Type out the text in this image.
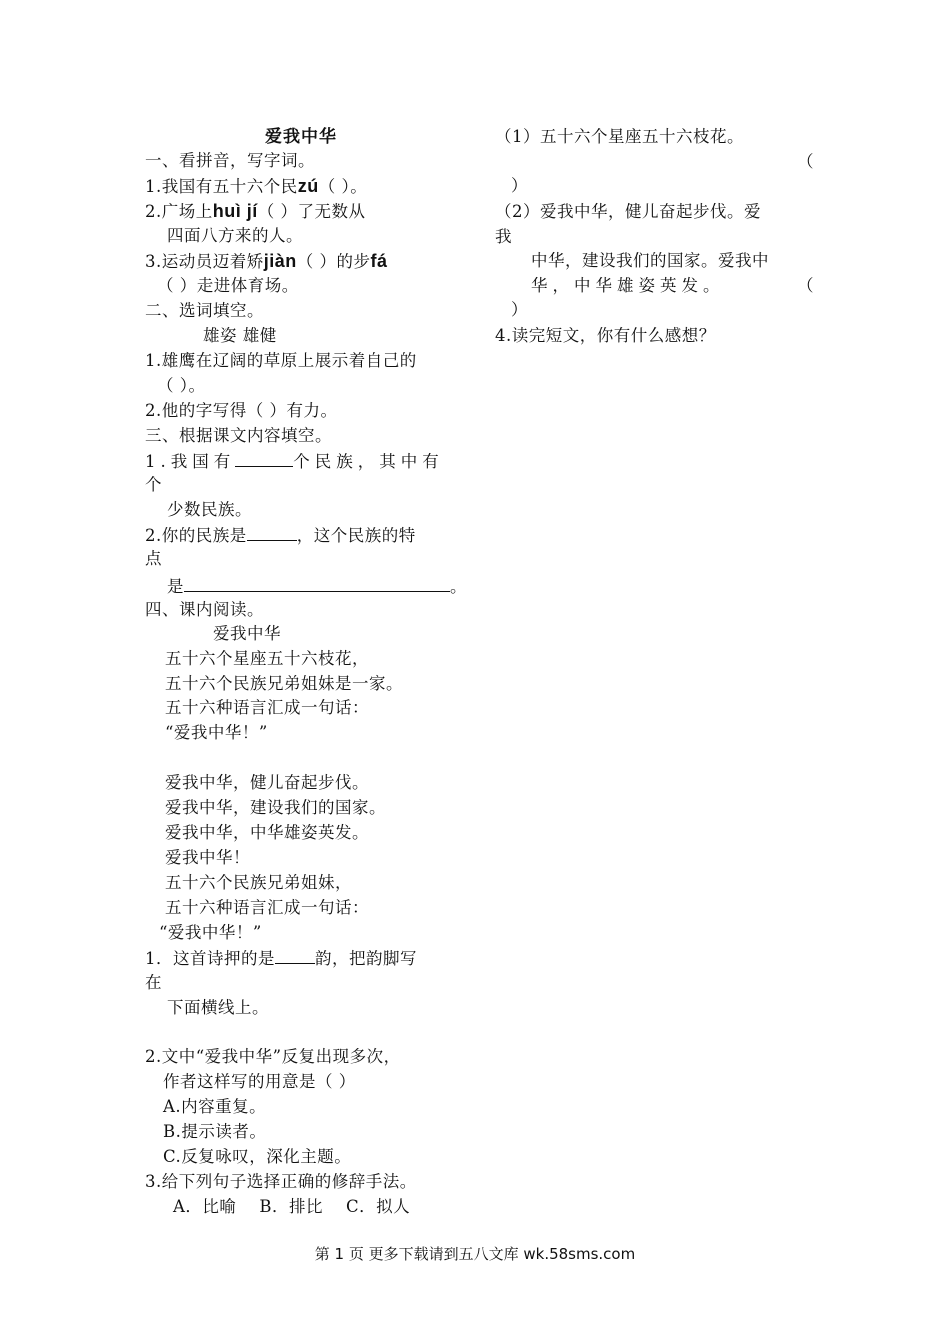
爱我中华
一、看拼音，写字词。
1.我国有五十六个民zú（ ）。
2.广场上huì jí（ ）了无数从
四面八方来的人。
3.运动员迈着矫jiàn（ ）的步fá
（ ）走进体育场。
二、选词填空。
雄姿 雄健
1.雄鹰在辽阔的草原上展示着自己的
（ ）。
2.他的字写得（ ）有力。
三、根据课文内容填空。
1.我国有	个民族，其中有
个
少数民族。
2.你的民族是	，这个民族的特
点
是	。
四、课内阅读。
爱我中华
五十六个星座五十六枝花，
五十六个民族兄弟姐妹是一家。
五十六种语言汇成一句话：
“爱我中华！”
爱我中华，健儿奋起步伐。
爱我中华，建设我们的国家。
爱我中华，中华雄姿英发。
爱我中华！
五十六个民族兄弟姐妹，
五十六种语言汇成一句话：
“爱我中华！”
1．这首诗押的是 韵，把韵脚写
在
下面横线上。
2.文中“爱我中华”反复出现多次，
作者这样写的用意是（ ）
A.内容重复。
B.提示读者。
C.反复咏叹，深化主题。
3.给下列句子选择正确的修辞手法。
A．比喻    B．排比    C．拟人
（1）五十六个星座五十六枝花。
（
）
（2）爱我中华，健儿奋起步伐。爱
我
中华，建设我们的国家。爱我中
华，中华雄姿英发。	（
）
4.读完短文，你有什么感想？
第 1 页 更多下载请到五八文库 wk.58sms.com
